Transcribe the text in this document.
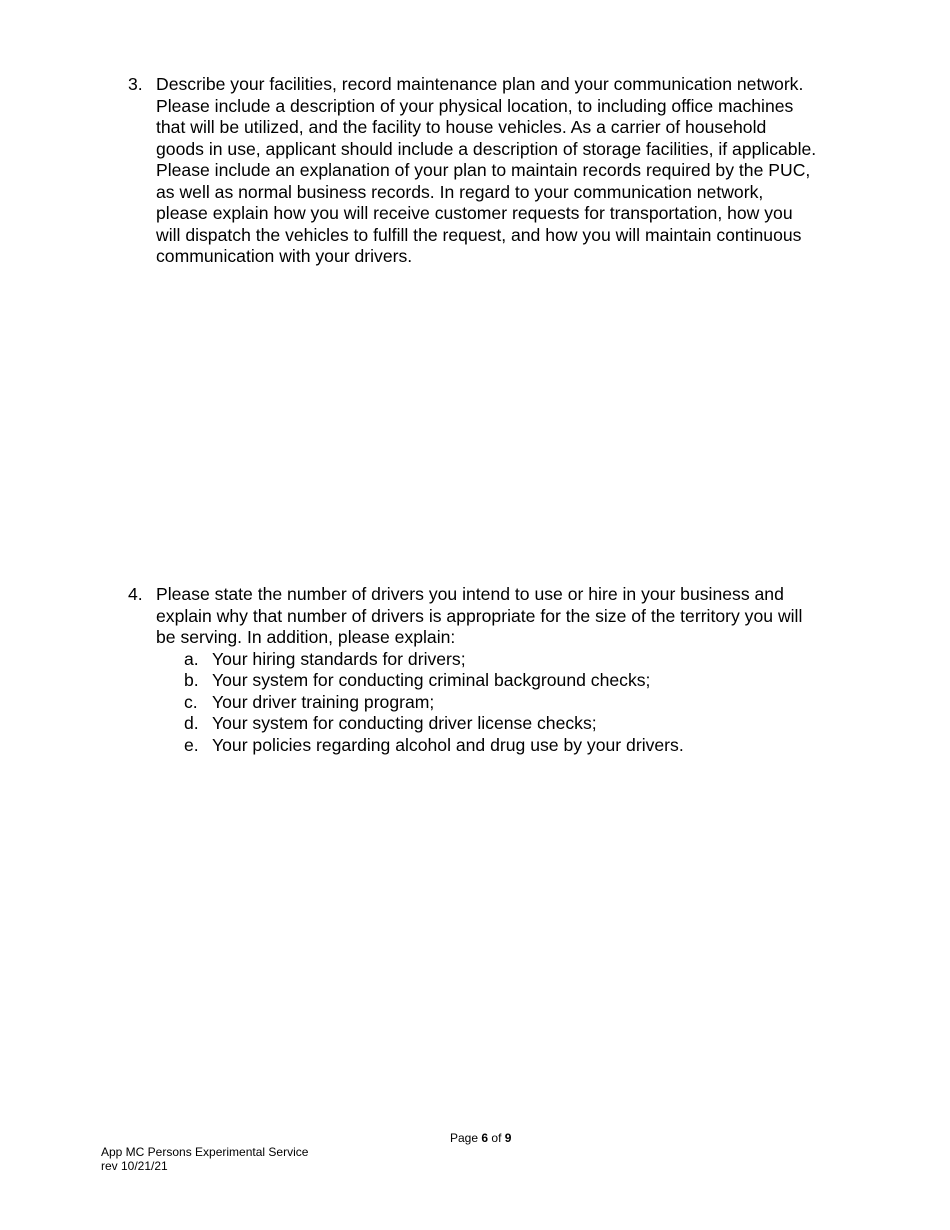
3. Describe your facilities, record maintenance plan and your communication network.
Please include a description of your physical location, to including office machines
that will be utilized, and the facility to house vehicles. As a carrier of household
goods in use, applicant should include a description of storage facilities, if applicable.
Please include an explanation of your plan to maintain records required by the PUC,
as well as normal business records. In regard to your communication network,
please explain how you will receive customer requests for transportation, how you
will dispatch the vehicles to fulfill the request, and how you will maintain continuous
communication with your drivers.
4. Please state the number of drivers you intend to use or hire in your business and
explain why that number of drivers is appropriate for the size of the territory you will
be serving. In addition, please explain:
a. Your hiring standards for drivers;
b. Your system for conducting criminal background checks;
c. Your driver training program;
d. Your system for conducting driver license checks;
e. Your policies regarding alcohol and drug use by your drivers.
Page 6 of 9
App MC Persons Experimental Service
rev 10/21/21
